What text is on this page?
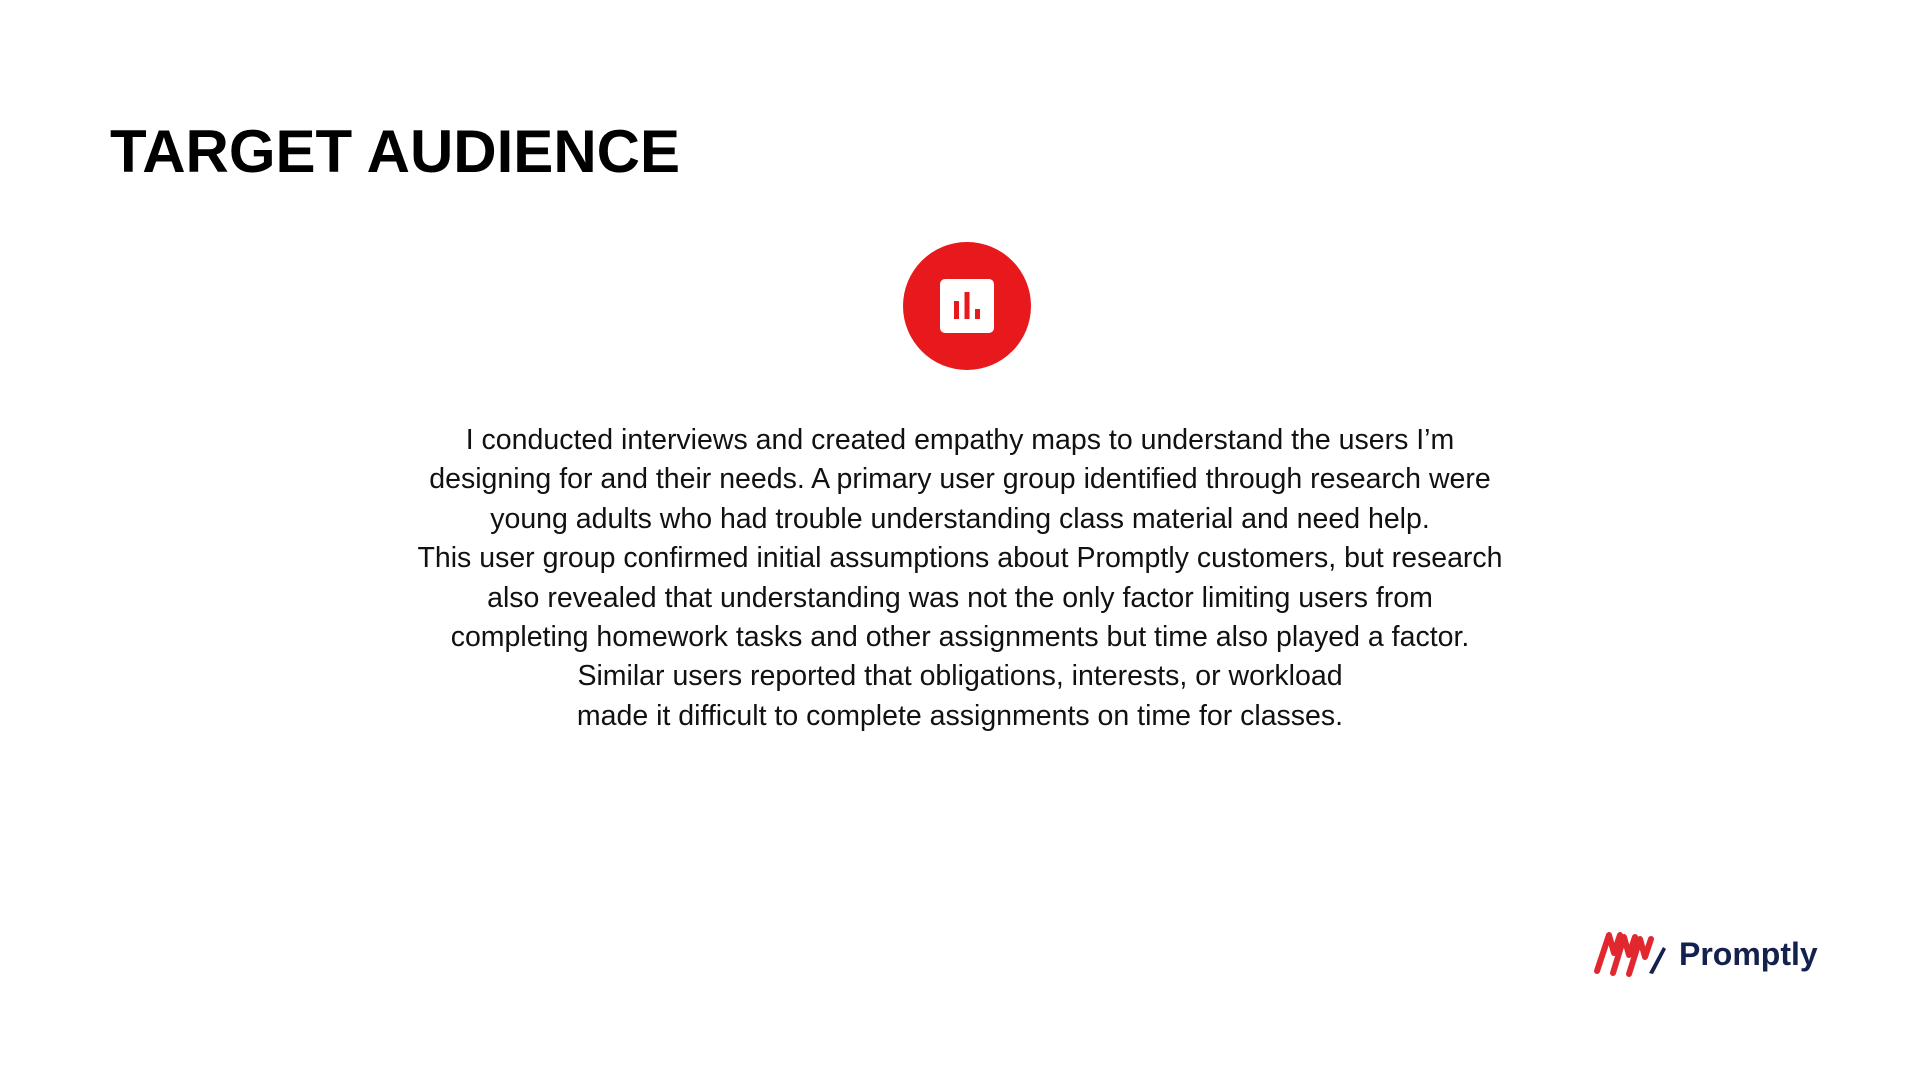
TARGET AUDIENCE
I conducted interviews and created empathy maps to understand the users I’m
designing for and their needs. A primary user group identified through research were
young adults who had trouble understanding class material and need help.
This user group confirmed initial assumptions about Promptly customers, but research
also revealed that understanding was not the only factor limiting users from
completing homework tasks and other assignments but time also played a factor.
Similar users reported that obligations, interests, or workload
made it difficult to complete assignments on time for classes.
Promptly
